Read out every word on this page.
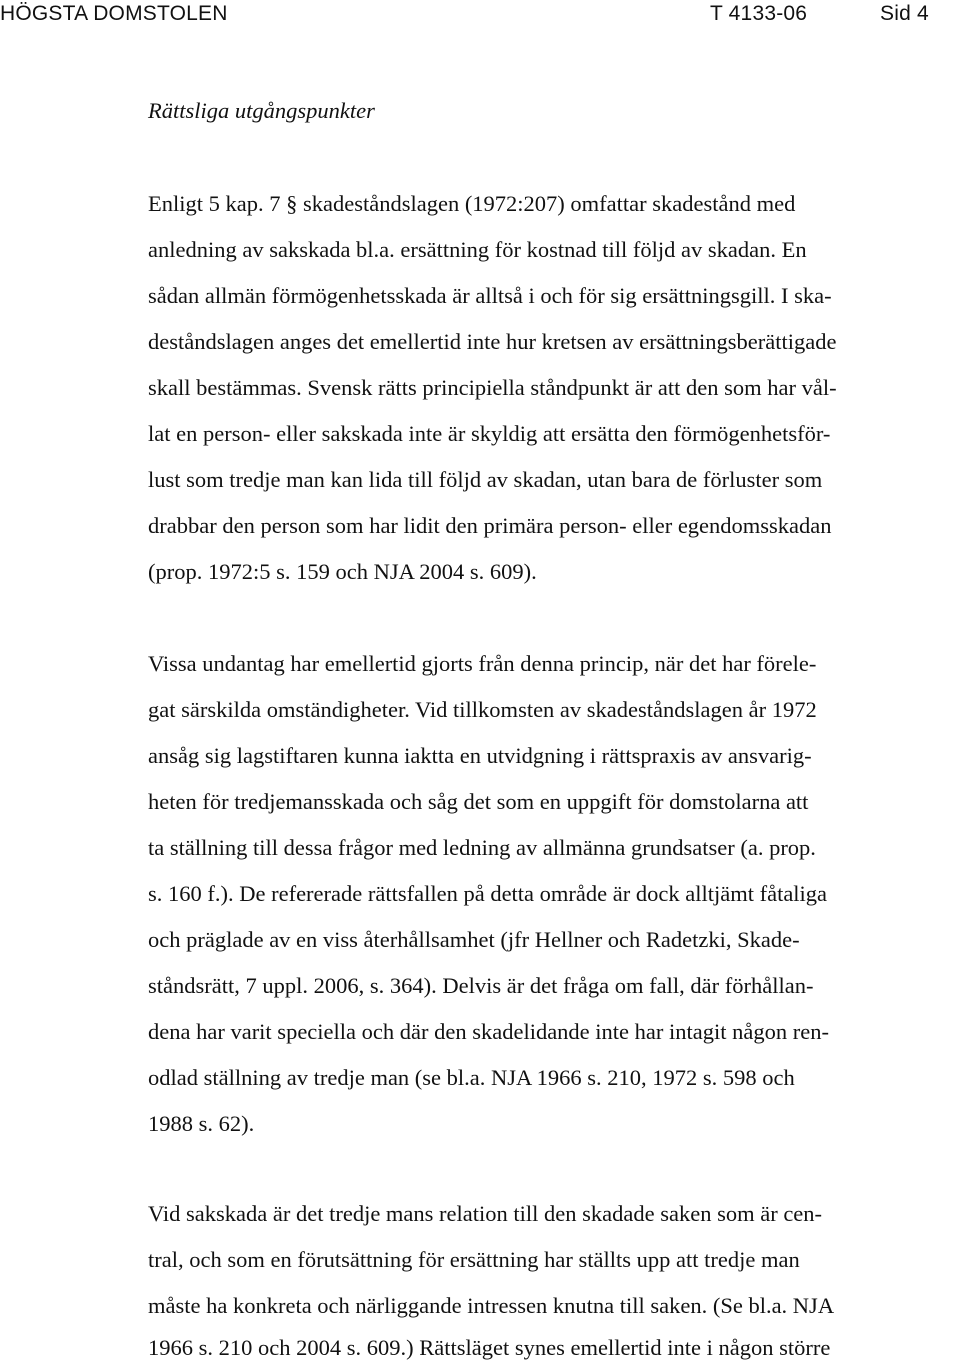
HÖGSTA DOMSTOLEN	T 4133-06	Sid 4
Rättsliga utgångspunkter
Enligt 5 kap. 7 § skadeståndslagen (1972:207) omfattar skadestånd med
anledning av sakskada bl.a. ersättning för kostnad till följd av skadan. En
sådan allmän förmögenhetsskada är alltså i och för sig ersättningsgill. I ska-
deståndslagen anges det emellertid inte hur kretsen av ersättningsberättigade
skall bestämmas. Svensk rätts principiella ståndpunkt är att den som har vål-
lat en person- eller sakskada inte är skyldig att ersätta den förmögenhetsför-
lust som tredje man kan lida till följd av skadan, utan bara de förluster som
drabbar den person som har lidit den primära person- eller egendomsskadan
(prop. 1972:5 s. 159 och NJA 2004 s. 609).
Vissa undantag har emellertid gjorts från denna princip, när det har förele-
gat särskilda omständigheter. Vid tillkomsten av skadeståndslagen år 1972
ansåg sig lagstiftaren kunna iaktta en utvidgning i rättspraxis av ansvarig-
heten för tredjemansskada och såg det som en uppgift för domstolarna att
ta ställning till dessa frågor med ledning av allmänna grundsatser (a. prop.
s. 160 f.). De refererade rättsfallen på detta område är dock alltjämt fåtaliga
och präglade av en viss återhållsamhet (jfr Hellner och Radetzki, Skade-
ståndsrätt, 7 uppl. 2006, s. 364). Delvis är det fråga om fall, där förhållan-
dena har varit speciella och där den skadelidande inte har intagit någon ren-
odlad ställning av tredje man (se bl.a. NJA 1966 s. 210, 1972 s. 598 och
1988 s. 62).
Vid sakskada är det tredje mans relation till den skadade saken som är cen-
tral, och som en förutsättning för ersättning har ställts upp att tredje man
måste ha konkreta och närliggande intressen knutna till saken. (Se bl.a. NJA
1966 s. 210 och 2004 s. 609.) Rättsläget synes emellertid inte i någon större
